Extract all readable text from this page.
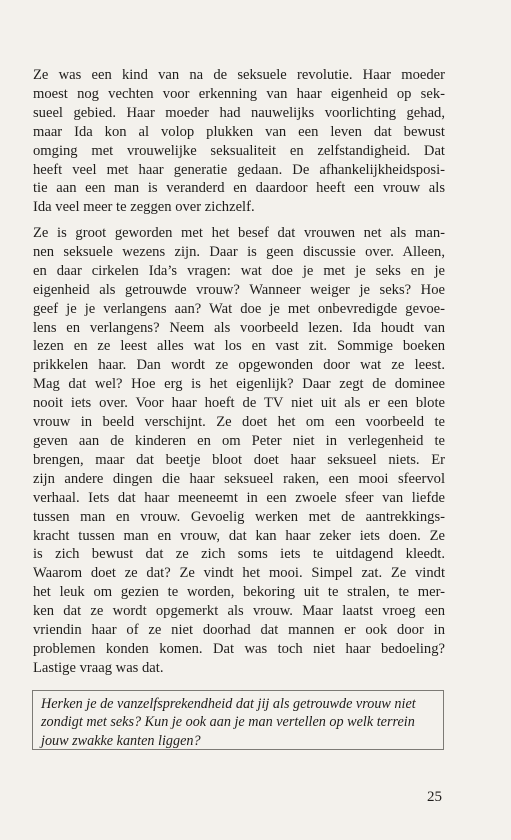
Ze was een kind van na de seksuele revolutie. Haar moeder
moest nog vechten voor erkenning van haar eigenheid op sek-
sueel gebied. Haar moeder had nauwelijks voorlichting gehad,
maar Ida kon al volop plukken van een leven dat bewust
omging met vrouwelijke seksualiteit en zelfstandigheid. Dat
heeft veel met haar generatie gedaan. De afhankelijkheidsposi-
tie aan een man is veranderd en daardoor heeft een vrouw als
Ida veel meer te zeggen over zichzelf.
Ze is groot geworden met het besef dat vrouwen net als man-
nen seksuele wezens zijn. Daar is geen discussie over. Alleen,
en daar cirkelen Ida’s vragen: wat doe je met je seks en je
eigenheid als getrouwde vrouw? Wanneer weiger je seks? Hoe
geef je je verlangens aan? Wat doe je met onbevredigde gevoe-
lens en verlangens? Neem als voorbeeld lezen. Ida houdt van
lezen en ze leest alles wat los en vast zit. Sommige boeken
prikkelen haar. Dan wordt ze opgewonden door wat ze leest.
Mag dat wel? Hoe erg is het eigenlijk? Daar zegt de dominee
nooit iets over. Voor haar hoeft de TV niet uit als er een blote
vrouw in beeld verschijnt. Ze doet het om een voorbeeld te
geven aan de kinderen en om Peter niet in verlegenheid te
brengen, maar dat beetje bloot doet haar seksueel niets. Er
zijn andere dingen die haar seksueel raken, een mooi sfeervol
verhaal. Iets dat haar meeneemt in een zwoele sfeer van liefde
tussen man en vrouw. Gevoelig werken met de aantrekkings-
kracht tussen man en vrouw, dat kan haar zeker iets doen. Ze
is zich bewust dat ze zich soms iets te uitdagend kleedt.
Waarom doet ze dat? Ze vindt het mooi. Simpel zat. Ze vindt
het leuk om gezien te worden, bekoring uit te stralen, te mer-
ken dat ze wordt opgemerkt als vrouw. Maar laatst vroeg een
vriendin haar of ze niet doorhad dat mannen er ook door in
problemen konden komen. Dat was toch niet haar bedoeling?
Lastige vraag was dat.
Herken je de vanzelfsprekendheid dat jij als getrouwde vrouw niet
zondigt met seks? Kun je ook aan je man vertellen op welk terrein
jouw zwakke kanten liggen?
25
